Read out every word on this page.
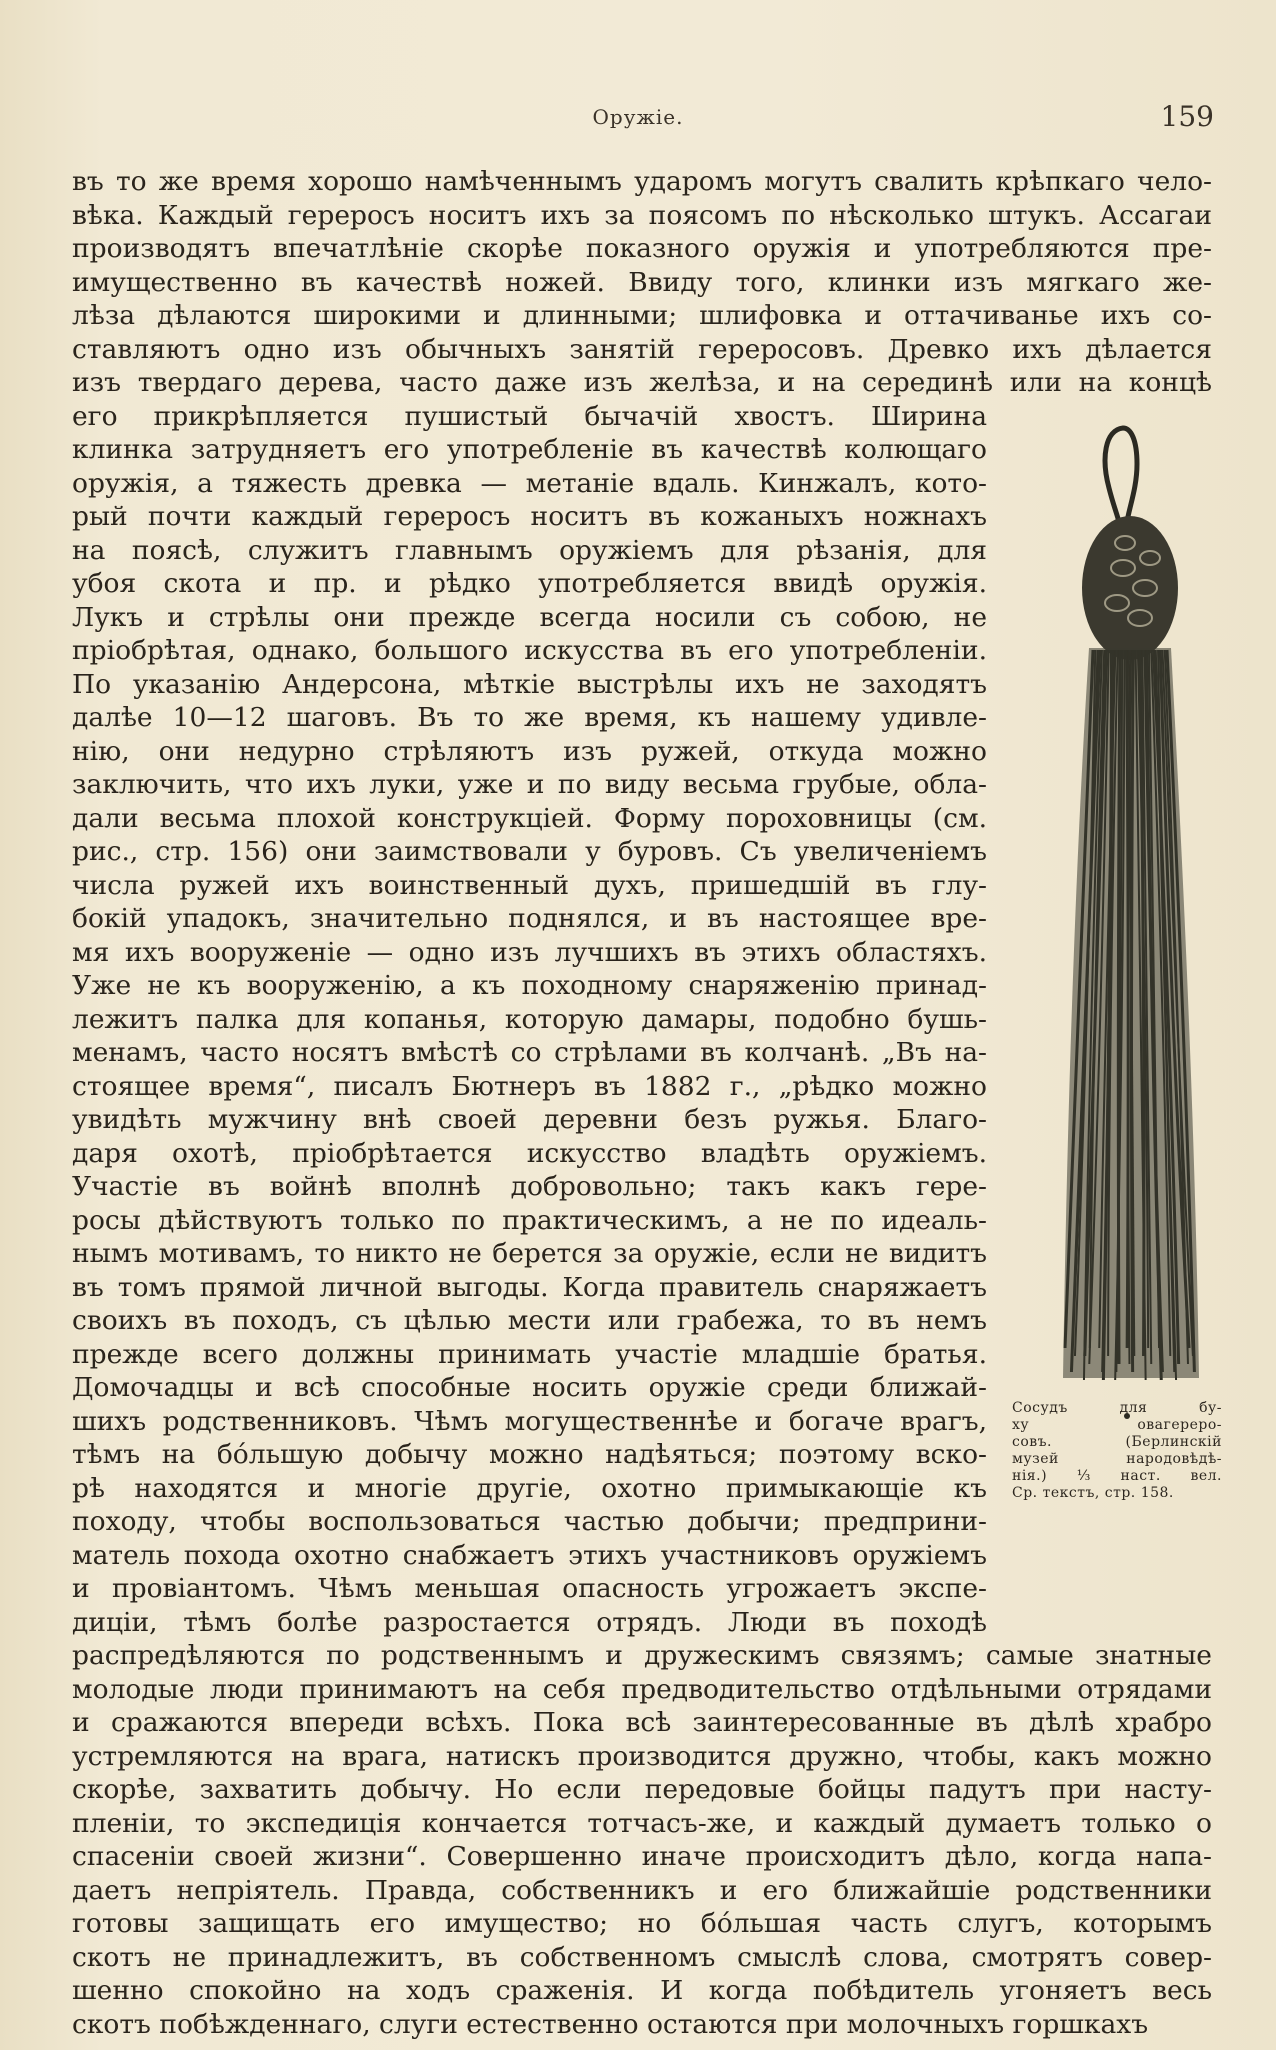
Оружіе.	159
въ то же время хорошо намѣченнымъ ударомъ могутъ свалить крѣпкаго чело-
вѣка. Каждый герероcъ носитъ ихъ за поясомъ по нѣсколько штукъ. Ассагаи
производятъ впечатлѣніе скорѣе показного оружія и употребляются пре-
имущественно въ качествѣ ножей. Ввиду того, клинки изъ мягкаго же-
лѣза дѣлаются широкими и длинными; шлифовка и оттачиванье ихъ со-
ставляютъ одно изъ обычныхъ занятій гереросовъ. Древко ихъ дѣлается
изъ твердаго дерева, часто даже изъ желѣза, и на серединѣ или на концѣ
его прикрѣпляется пушистый бычачій хвостъ. Ширина
клинка затрудняетъ его употребленіе въ качествѣ колющаго
оружія, а тяжесть древка — метаніе вдаль. Кинжалъ, кото-
рый почти каждый герероcъ носитъ въ кожаныхъ ножнахъ
на поясѣ, служитъ главнымъ оружіемъ для рѣзанія, для
убоя скота и пр. и рѣдко употребляется ввидѣ оружія.
Лукъ и стрѣлы они прежде всегда носили съ собою, не
пріобрѣтая, однако, большого искусства въ его употребленіи.
По указанію Андерсона, мѣткіе выстрѣлы ихъ не заходятъ
далѣе 10—12 шаговъ. Въ то же время, къ нашему удивле-
нію, они недурно стрѣляютъ изъ ружей, откуда можно
заключить, что ихъ луки, уже и по виду весьма грубые, обла-
дали весьма плохой конструкціей. Форму пороховницы (см.
рис., стр. 156) они заимствовали у буровъ. Съ увеличеніемъ
числа ружей ихъ воинственный духъ, пришедшій въ глу-
бокій упадокъ, значительно поднялся, и въ настоящее вре-
мя ихъ вооруженіе — одно изъ лучшихъ въ этихъ областяхъ.
Уже не къ вооруженію, а къ походному снаряженію принад-
лежитъ палка для копанья, которую дамары, подобно бушь-
менамъ, часто носятъ вмѣстѣ со стрѣлами въ колчанѣ. „Въ на-
стоящее время“, писалъ Бютнеръ въ 1882 г., „рѣдко можно
увидѣть мужчину внѣ своей деревни безъ ружья. Благо-
даря охотѣ, пріобрѣтается искусство владѣть оружіемъ.
Участіе въ войнѣ вполнѣ добровольно; такъ какъ гере-
росы дѣйствуютъ только по практическимъ, а не по идеаль-
нымъ мотивамъ, то никто не берется за оружіе, если не видитъ
въ томъ прямой личной выгоды. Когда правитель снаряжаетъ
своихъ въ походъ, съ цѣлью мести или грабежа, то въ немъ
прежде всего должны принимать участіе младшіе братья.
Домочадцы и всѣ способные носить оружіе среди ближай-
шихъ родственниковъ. Чѣмъ могущественнѣе и богаче врагъ,
тѣмъ на бо́льшую добычу можно надѣяться; поэтому вско-
рѣ находятся и многіе другіе, охотно примыкающіе къ
походу, чтобы воспользоваться частью добычи; предприни-
матель похода охотно снабжаетъ этихъ участниковъ оружіемъ
и провіантомъ. Чѣмъ меньшая опасность угрожаетъ экспе-
диціи, тѣмъ болѣе разростается отрядъ. Люди въ походѣ
распредѣляются по родственнымъ и дружескимъ связямъ; самые знатные
молодые люди принимаютъ на себя предводительство отдѣльными отрядами
и сражаются впереди всѣхъ. Пока всѣ заинтересованные въ дѣлѣ храбро
устремляются на врага, натискъ производится дружно, чтобы, какъ можно
скорѣе, захватить добычу. Но если передовые бойцы падутъ при насту-
пленіи, то экспедиція кончается тотчасъ-же, и каждый думаетъ только о
спасеніи своей жизни“. Совершенно иначе происходитъ дѣло, когда напа-
даетъ непріятель. Правда, собственникъ и его ближайшіе родственники
готовы защищать его имущество; но бо́льшая часть слугъ, которымъ
скотъ не принадлежитъ, въ собственномъ смыслѣ слова, смотрятъ совер-
шенно спокойно на ходъ сраженія. И когда побѣдитель угоняетъ весь
скотъ побѣжденнаго, слуги естественно остаются при молочныхъ горшкахъ
Сосудъ для бу-
ху овагереро-
совъ. (Берлинскій
музей народовѣдѣ-
нія.) ⅓ наст. вел.
Ср. текстъ, стр. 158.
